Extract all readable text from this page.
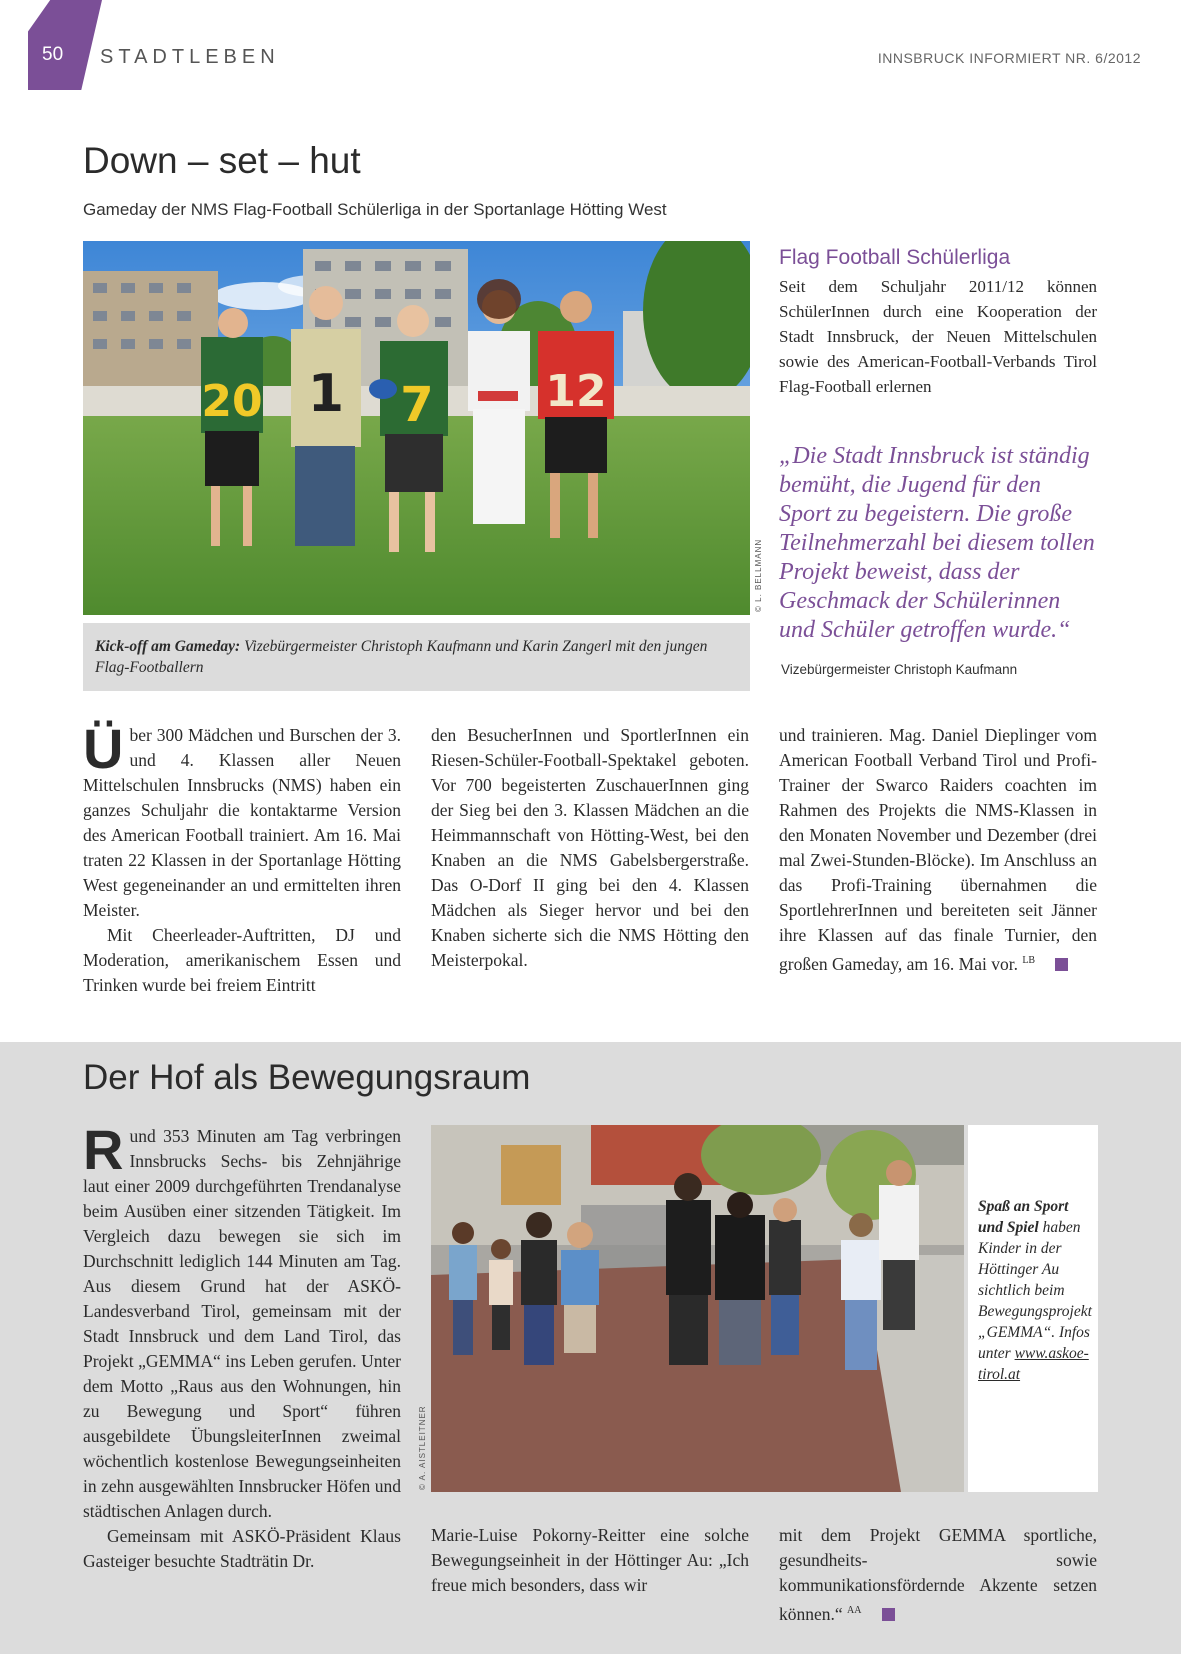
50 STADTLEBEN	INNSBRUCK INFORMIERT NR. 6/2012
Down – set – hut
Gameday der NMS Flag-Football Schülerliga in der Sportanlage Hötting West
20 1 7	12
© L. BELLMANN
Kick-off am Gameday: Vizebürgermeister Christoph Kaufmann und Karin Zangerl mit den jungen Flag-Footballern
Flag Football Schülerliga
Seit dem Schuljahr 2011/12 können SchülerInnen durch eine Kooperation der Stadt Innsbruck, der Neuen Mittelschulen sowie des American-Football-Verbands Tirol Flag-Football erlernen
„Die Stadt Innsbruck ist ständig bemüht, die Jugend für den Sport zu begeistern. Die große Teilnehmerzahl bei diesem tollen Projekt beweist, dass der Geschmack der Schülerinnen und Schüler getroffen wurde.“
Vizebürgermeister Christoph Kaufmann

Über 300 Mädchen und Burschen der 3. und 4. Klassen aller Neuen Mittelschulen Innsbrucks (NMS) haben ein ganzes Schuljahr die kontaktarme Version des American Football trainiert. Am 16. Mai traten 22 Klassen in der Sportanlage Hötting West gegeneinander an und ermittelten ihren Meister.

Mit Cheerleader-Auftritten, DJ und Moderation, amerikanischem Essen und Trinken wurde bei freiem Eintritt

den BesucherInnen und SportlerInnen ein Riesen-Schüler-Football-Spektakel geboten. Vor 700 begeisterten ZuschauerInnen ging der Sieg bei den 3. Klassen Mädchen an die Heimmannschaft von Hötting-West, bei den Knaben an die NMS Gabelsbergerstraße. Das O-Dorf II ging bei den 4. Klassen Mädchen als Sieger hervor und bei den Knaben sicherte sich die NMS Hötting den Meisterpokal.

und trainieren. Mag. Daniel Dieplinger vom American Football Verband Tirol und Profi-Trainer der Swarco Raiders coachten im Rahmen des Projekts die NMS-Klassen in den Monaten November und Dezember (drei mal Zwei-Stunden-Blöcke). Im Anschluss an das Profi-Training übernahmen die SportlehrerInnen und bereiteten seit Jänner ihre Klassen auf das finale Turnier, den großen Gameday, am 16. Mai vor. $^{LB}$

Der Hof als Bewegungsraum

Rund 353 Minuten am Tag verbringen Innsbrucks Sechs- bis Zehnjährige laut einer 2009 durchgeführten Trendanalyse beim Ausüben einer sitzenden Tätigkeit. Im Vergleich dazu bewegen sie sich im Durchschnitt lediglich 144 Minuten am Tag. Aus diesem Grund hat der ASKÖ-Landesverband Tirol, gemeinsam mit der Stadt Innsbruck und dem Land Tirol, das Projekt „GEMMA“ ins Leben gerufen. Unter dem Motto „Raus aus den Wohnungen, hin zu Bewegung und Sport“ führen ausgebildete ÜbungsleiterInnen zweimal wöchentlich kostenlose Bewegungseinheiten in zehn ausgewählten Innsbrucker Höfen und städtischen Anlagen durch.

Gemeinsam mit ASKÖ-Präsident Klaus Gasteiger besuchte Stadträtin Dr.

© A. AISTLEITNER
Spaß an Sport und Spiel haben Kinder in der Höttinger Au sichtlich beim Bewegungsprojekt „GEMMA“. Infos unter www.askoe-tirol.at

Marie-Luise Pokorny-Reitter eine solche Bewegungseinheit in der Höttinger Au: „Ich freue mich besonders, dass wir

mit dem Projekt GEMMA sportliche, gesundheits- sowie kommunikationsfördernde Akzente setzen können.“ $^{AA}$
